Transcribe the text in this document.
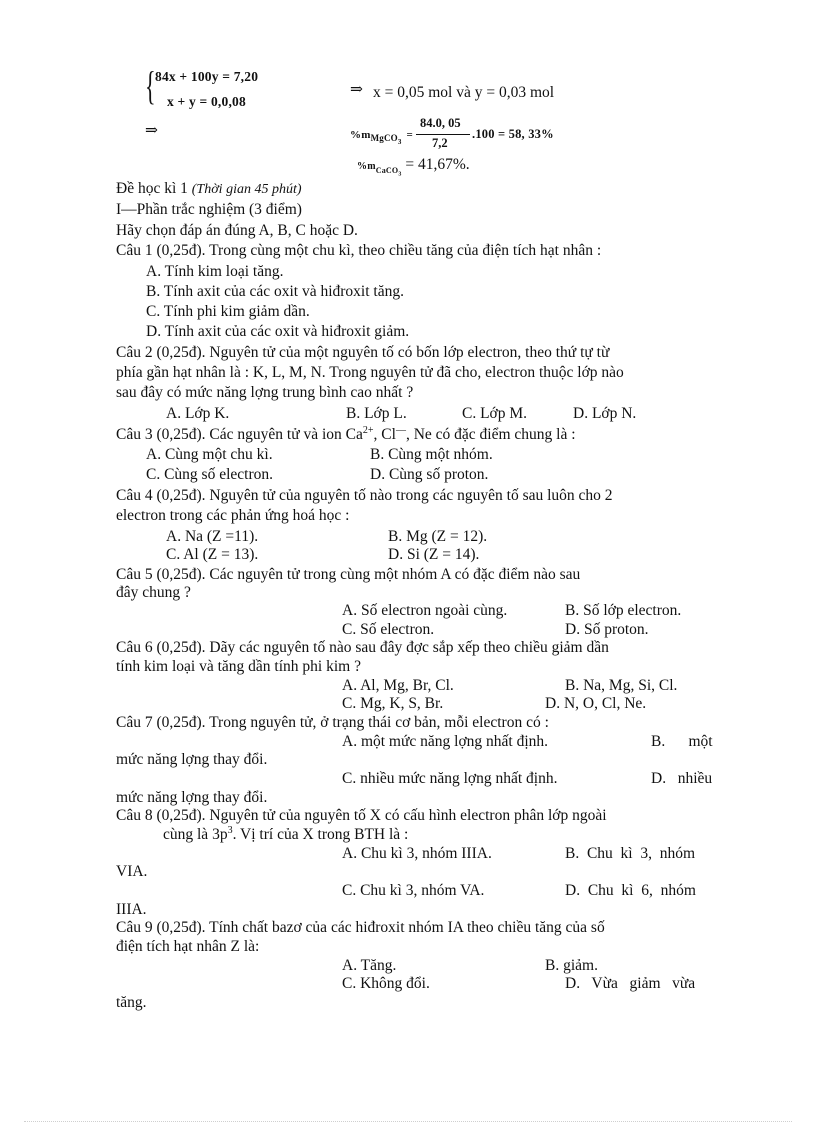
{ 84x + 100y = 7,20
x + y = 0,0,08
⇒ x = 0,05 mol và y = 0,03 mol
⇒	$\%m_{MgCO_3}$ =
84.0, 05
7,2
.100 = 58, 33%
$\%m_{CaCO_3} = 41,67\%$.
Đề học kì 1 (Thời gian 45 phút)
I—Phần trắc nghiệm (3 điểm)
Hãy chọn đáp án đúng A, B, C hoặc D.
Câu 1 (0,25đ). Trong cùng một chu kì, theo chiều tăng của điện tích hạt nhân :
A. Tính kim loại tăng.
B. Tính axit của các oxit và hiđroxit tăng.
C. Tính phi kim giảm dần.
D. Tính axit của các oxit và hiđroxit giảm.
Câu 2 (0,25đ). Nguyên tử của một nguyên tố có bốn lớp electron, theo thứ tự từ
phía gần hạt nhân là : K, L, M, N. Trong nguyên tử đã cho, electron thuộc lớp nào
sau đây có mức năng lợng trung bình cao nhất ?
A. Lớp K.	B. Lớp L.	C. Lớp M.	D. Lớp N.
Câu 3 (0,25đ). Các nguyên tử và ion $Ca^{2+}$, Cl—, Ne có đặc điểm chung là :
A. Cùng một chu kì.	B. Cùng một nhóm.
C. Cùng số electron.	D. Cùng số proton.
Câu 4 (0,25đ). Nguyên tử của nguyên tố nào trong các nguyên tố sau luôn cho 2
electron trong các phản ứng hoá học :
A. Na (Z =11).	B. Mg (Z = 12).
C. Al (Z = 13).	D. Si (Z = 14).
Câu 5 (0,25đ). Các nguyên tử trong cùng một nhóm A có đặc điểm nào sau
đây chung ?
A. Số electron ngoài cùng.	B. Số lớp electron.
C. Số electron.	D. Số proton.
Câu 6 (0,25đ). Dãy các nguyên tố nào sau đây đợc sắp xếp theo chiều giảm dần
tính kim loại và tăng dần tính phi kim ?
A. Al, Mg, Br, Cl.	B. Na, Mg, Si, Cl.
C. Mg, K, S, Br.	D. N, O, Cl, Ne.
Câu 7 (0,25đ). Trong nguyên tử, ở trạng thái cơ bản, mỗi electron có :
A. một mức năng lợng nhất định.	B.      một
mức năng lợng thay đổi.
C. nhiều mức năng lợng nhất định.	D.   nhiều
mức năng lợng thay đổi.
Câu 8 (0,25đ). Nguyên tử của nguyên tố X có cấu hình electron phân lớp ngoài
cùng là $3p^3$. Vị trí của X trong BTH là :
A. Chu kì 3, nhóm IIIA.	B.  Chu  kì  3,  nhóm
VIA.
C. Chu kì 3, nhóm VA.	D.  Chu  kì  6,  nhóm
IIIA.
Câu 9 (0,25đ). Tính chất bazơ của các hiđroxit nhóm IA theo chiều tăng của số
điện tích hạt nhân Z là:
A. Tăng.	B. giảm.
C. Không đổi.	D.   Vừa   giảm   vừa
tăng.
